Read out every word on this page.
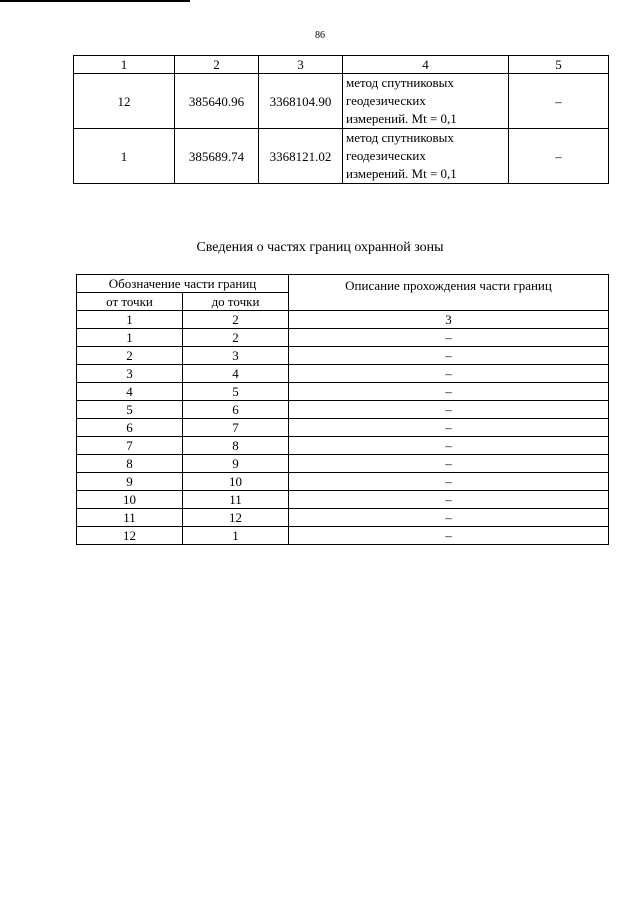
86
1	2	3	4	5
12	385640.96	3368104.90	метод спутниковых
геодезических
измерений. Mt = 0,1	–
1	385689.74	3368121.02	метод спутниковых
геодезических
измерений. Mt = 0,1	–
Сведения о частях границ охранной зоны
Обозначение части границ		Описание прохождения части границ
от точки	до точки	
1	2	3
1	2	–
2	3	–
3	4	–
4	5	–
5	6	–
6	7	–
7	8	–
8	9	–
9	10	–
10	11	–
11	12	–
12	1	–
